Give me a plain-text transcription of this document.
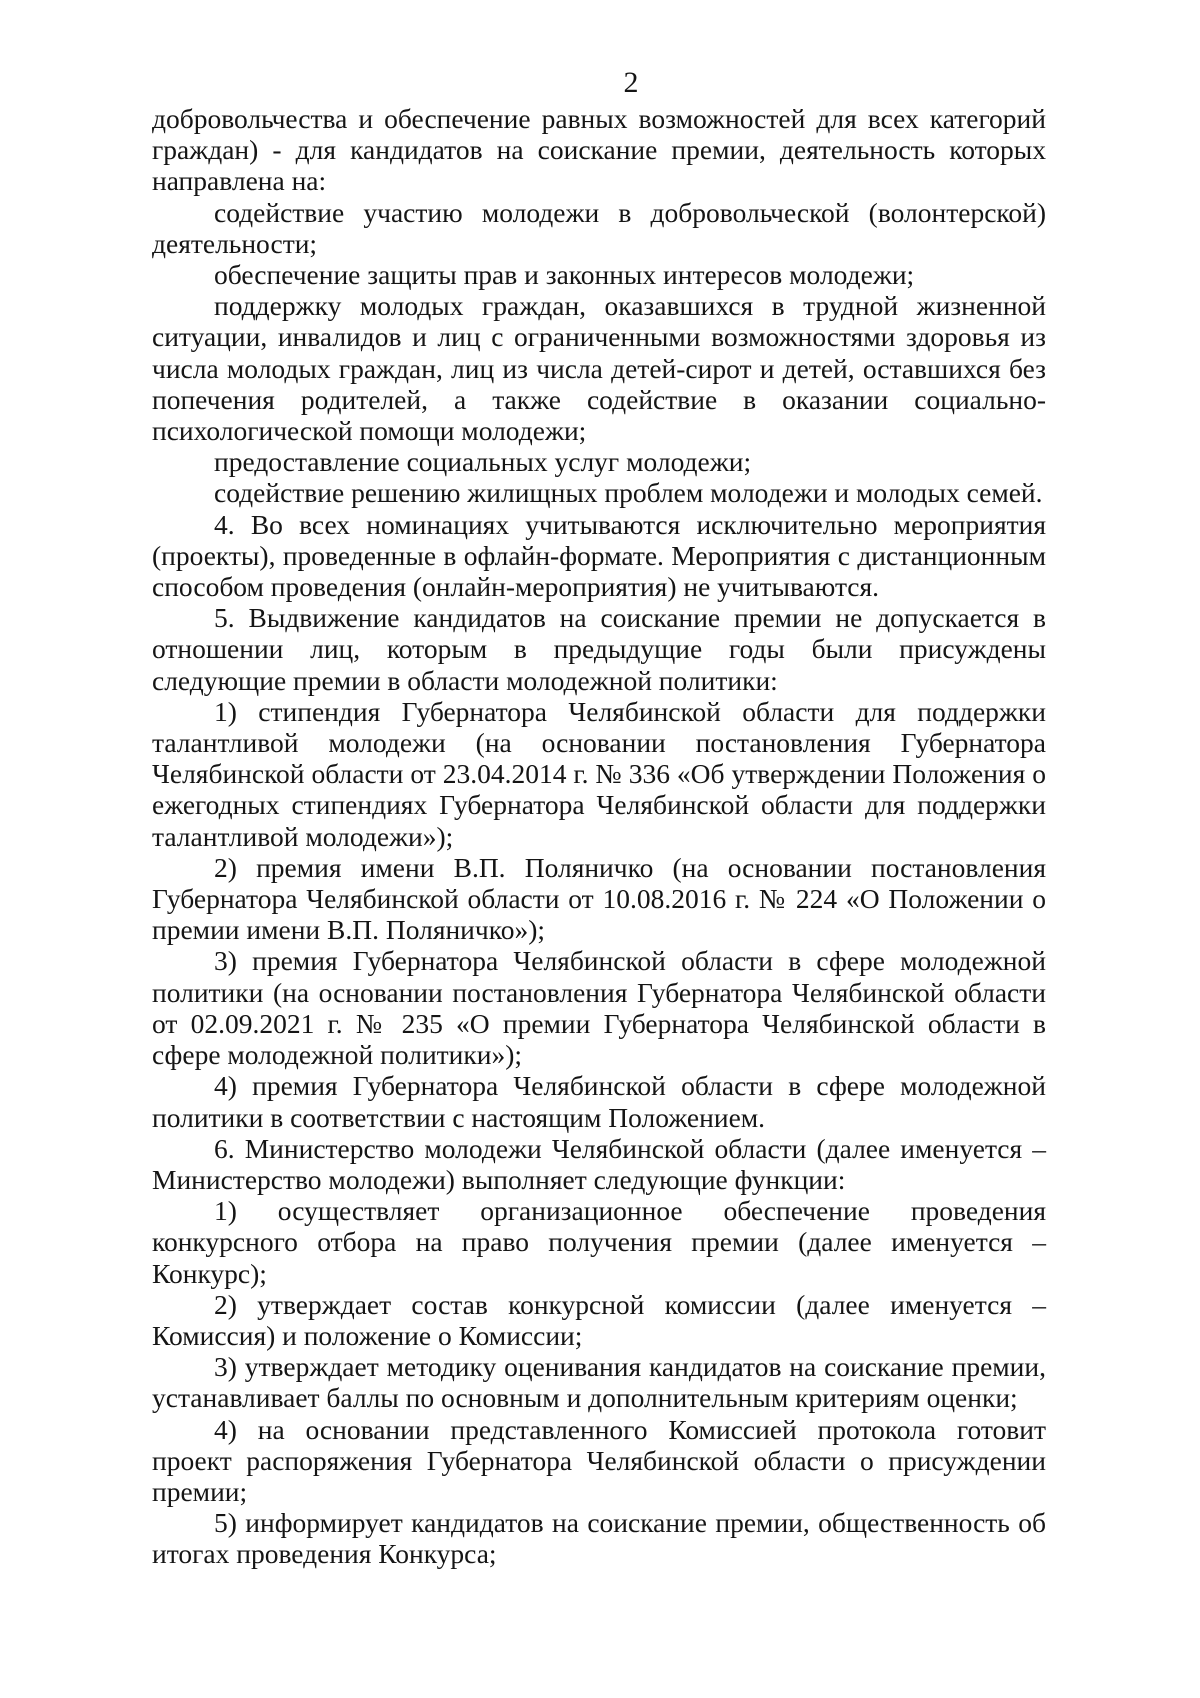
2

добровольчества и обеспечение равных возможностей для всех категорий граждан) - для кандидатов на соискание премии, деятельность которых направлена на:

содействие участию молодежи в добровольческой (волонтерской) деятельности;

обеспечение защиты прав и законных интересов молодежи;

поддержку молодых граждан, оказавшихся в трудной жизненной ситуации, инвалидов и лиц с ограниченными возможностями здоровья из числа молодых граждан, лиц из числа детей-сирот и детей, оставшихся без попечения родителей, а также содействие в оказании социально-психологической помощи молодежи;

предоставление социальных услуг молодежи;

содействие решению жилищных проблем молодежи и молодых семей.

4. Во всех номинациях учитываются исключительно мероприятия (проекты), проведенные в офлайн-формате. Мероприятия с дистанционным способом проведения (онлайн-мероприятия) не учитываются.

5. Выдвижение кандидатов на соискание премии не допускается в отношении лиц, которым в предыдущие годы были присуждены следующие премии в области молодежной политики:

1) стипендия Губернатора Челябинской области для поддержки талантливой молодежи (на основании постановления Губернатора Челябинской области от 23.04.2014 г. № 336 «Об утверждении Положения о ежегодных стипендиях Губернатора Челябинской области для поддержки талантливой молодежи»);

2) премия имени В.П. Поляничко (на основании постановления Губернатора Челябинской области от 10.08.2016 г. № 224 «О Положении о премии имени В.П. Поляничко»);

3) премия Губернатора Челябинской области в сфере молодежной политики (на основании постановления Губернатора Челябинской области от 02.09.2021 г. № 235 «О премии Губернатора Челябинской области в сфере молодежной политики»);

4) премия Губернатора Челябинской области в сфере молодежной политики в соответствии с настоящим Положением.

6. Министерство молодежи Челябинской области (далее именуется – Министерство молодежи) выполняет следующие функции:

1) осуществляет организационное обеспечение проведения конкурсного отбора на право получения премии (далее именуется – Конкурс);

2) утверждает состав конкурсной комиссии (далее именуется – Комиссия) и положение о Комиссии;

3) утверждает методику оценивания кандидатов на соискание премии, устанавливает баллы по основным и дополнительным критериям оценки;

4) на основании представленного Комиссией протокола готовит проект распоряжения Губернатора Челябинской области о присуждении премии;

5) информирует кандидатов на соискание премии, общественность об итогах проведения Конкурса;
